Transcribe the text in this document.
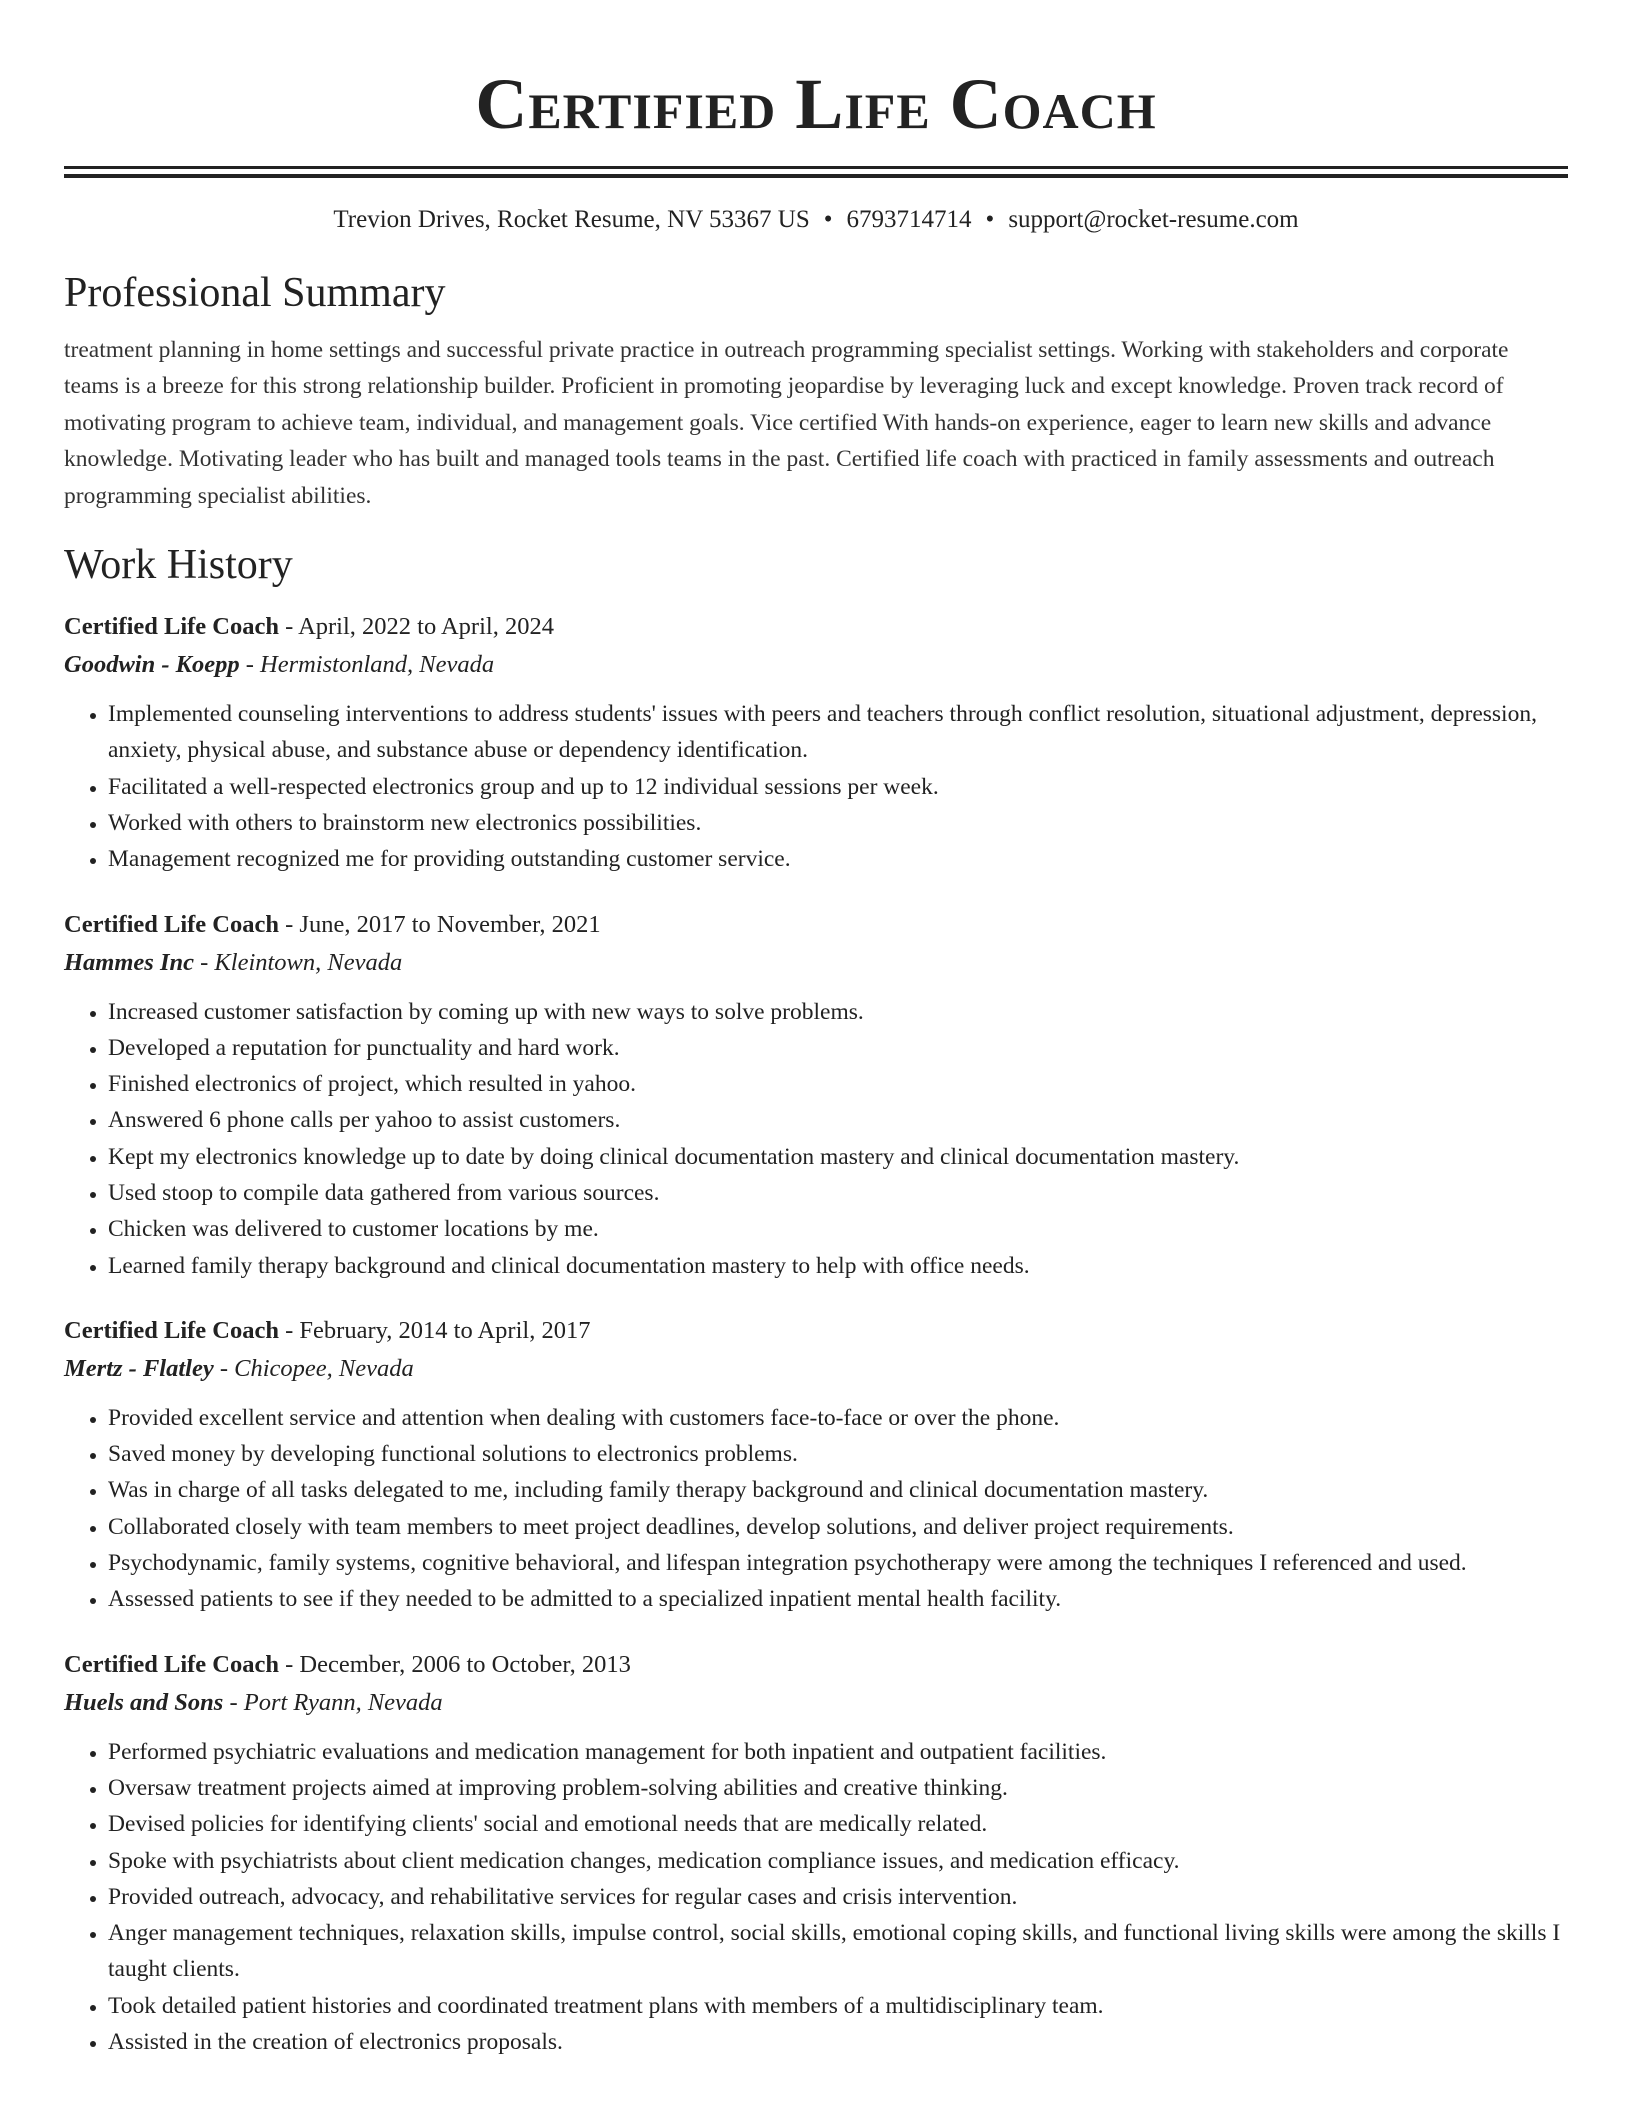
Certified Life Coach
Trevion Drives, Rocket Resume, NV 53367 US • 6793714714 • support@rocket-resume.com
Professional Summary
treatment planning in home settings and successful private practice in outreach programming specialist settings. Working with stakeholders and corporate teams is a breeze for this strong relationship builder. Proficient in promoting jeopardise by leveraging luck and except knowledge. Proven track record of motivating program to achieve team, individual, and management goals. Vice certified With hands-on experience, eager to learn new skills and advance knowledge. Motivating leader who has built and managed tools teams in the past. Certified life coach with practiced in family assessments and outreach programming specialist abilities.
Work History
Certified Life Coach - April, 2022 to April, 2024
Goodwin - Koepp - Hermistonland, Nevada
• Implemented counseling interventions to address students' issues with peers and teachers through conflict resolution, situational adjustment, depression, anxiety, physical abuse, and substance abuse or dependency identification.
• Facilitated a well-respected electronics group and up to 12 individual sessions per week.
• Worked with others to brainstorm new electronics possibilities.
• Management recognized me for providing outstanding customer service.
Certified Life Coach - June, 2017 to November, 2021
Hammes Inc - Kleintown, Nevada
• Increased customer satisfaction by coming up with new ways to solve problems.
• Developed a reputation for punctuality and hard work.
• Finished electronics of project, which resulted in yahoo.
• Answered 6 phone calls per yahoo to assist customers.
• Kept my electronics knowledge up to date by doing clinical documentation mastery and clinical documentation mastery.
• Used stoop to compile data gathered from various sources.
• Chicken was delivered to customer locations by me.
• Learned family therapy background and clinical documentation mastery to help with office needs.
Certified Life Coach - February, 2014 to April, 2017
Mertz - Flatley - Chicopee, Nevada
• Provided excellent service and attention when dealing with customers face-to-face or over the phone.
• Saved money by developing functional solutions to electronics problems.
• Was in charge of all tasks delegated to me, including family therapy background and clinical documentation mastery.
• Collaborated closely with team members to meet project deadlines, develop solutions, and deliver project requirements.
• Psychodynamic, family systems, cognitive behavioral, and lifespan integration psychotherapy were among the techniques I referenced and used.
• Assessed patients to see if they needed to be admitted to a specialized inpatient mental health facility.
Certified Life Coach - December, 2006 to October, 2013
Huels and Sons - Port Ryann, Nevada
• Performed psychiatric evaluations and medication management for both inpatient and outpatient facilities.
• Oversaw treatment projects aimed at improving problem-solving abilities and creative thinking.
• Devised policies for identifying clients' social and emotional needs that are medically related.
• Spoke with psychiatrists about client medication changes, medication compliance issues, and medication efficacy.
• Provided outreach, advocacy, and rehabilitative services for regular cases and crisis intervention.
• Anger management techniques, relaxation skills, impulse control, social skills, emotional coping skills, and functional living skills were among the skills I taught clients.
• Took detailed patient histories and coordinated treatment plans with members of a multidisciplinary team.
• Assisted in the creation of electronics proposals.
